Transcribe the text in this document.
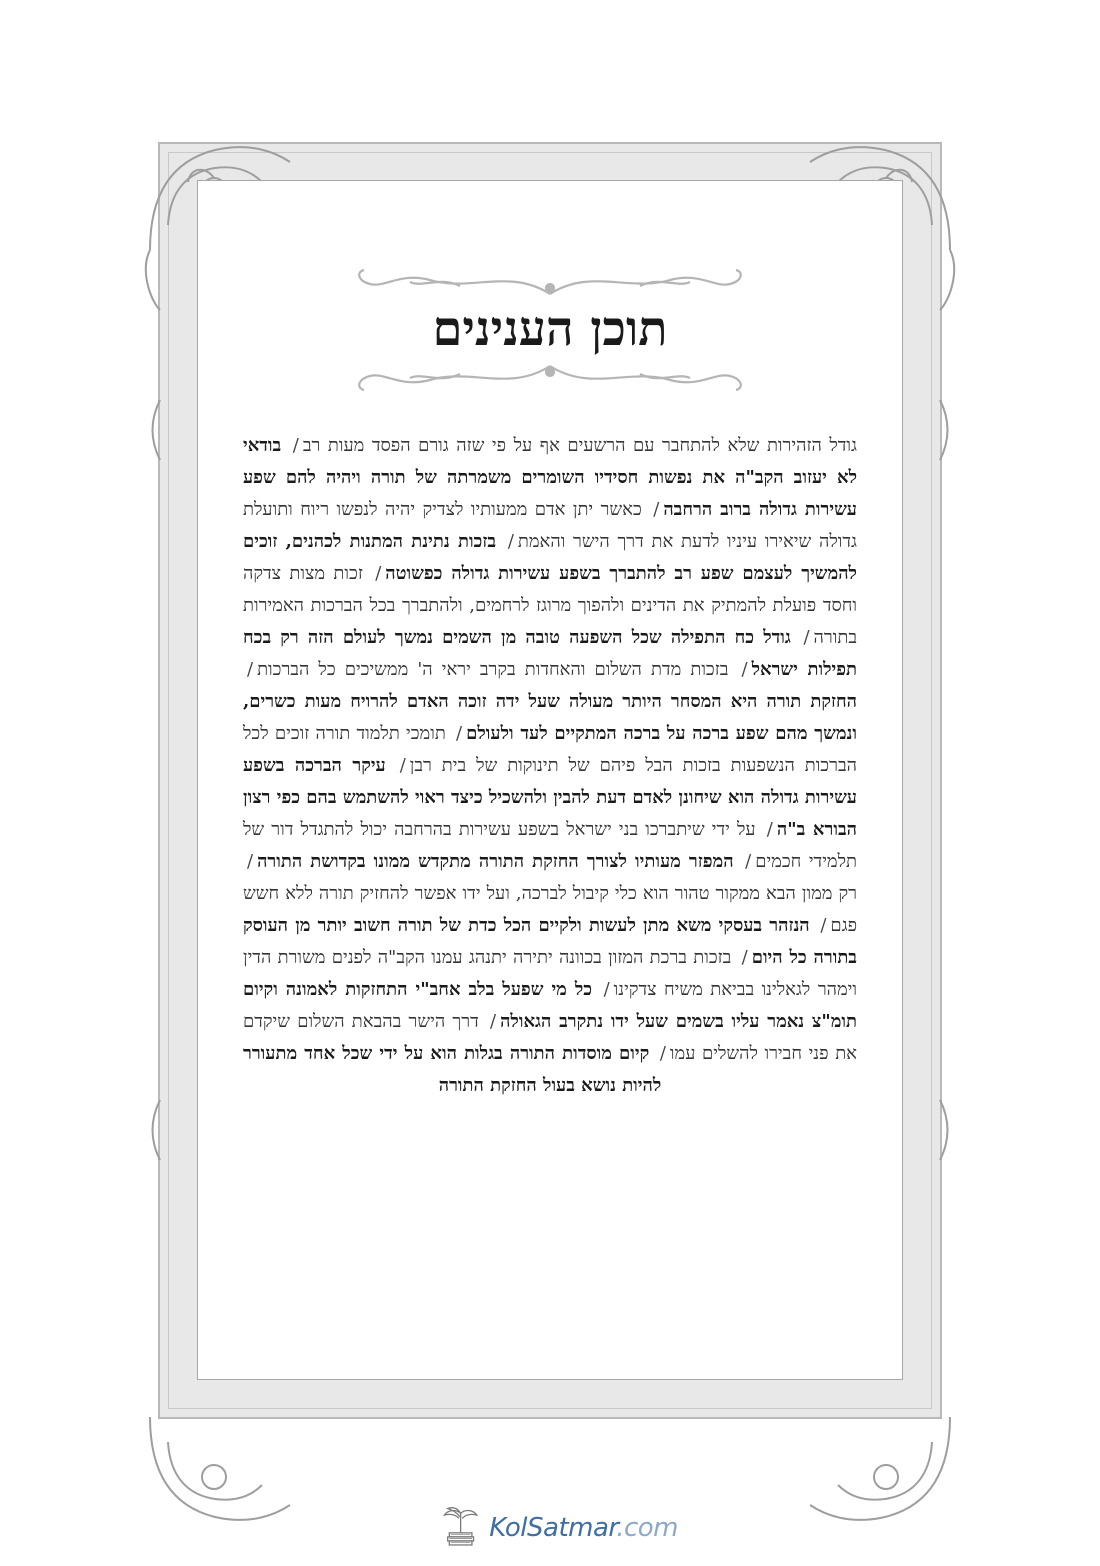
תוכן הענינים

גודל הזהירות שלא להתחבר עם הרשעים אף על פי שזה גורם הפסד מעות רב/ בודאי לא יעזוב הקב"ה את נפשות חסידיו השומרים משמרתה של תורה ויהיה להם שפע עשירות גדולה ברוב הרחבה/ כאשר יתן אדם ממעותיו לצדיק יהיה לנפשו ריוח ותועלת גדולה שיאירו עיניו לדעת את דרך הישר והאמת/ בזכות נתינת המתנות לכהנים, זוכים להמשיך לעצמם שפע רב להתברך בשפע עשירות גדולה כפשוטה/ זכות מצות צדקה וחסד פועלת להמתיק את הדינים ולהפוך מרוגז לרחמים, ולהתברך בכל הברכות האמירות בתורה/ גודל כח התפילה שכל השפעה טובה מן השמים נמשך לעולם הזה רק בכח תפילות ישראל/ בזכות מדת השלום והאחדות בקרב יראי ה' ממשיכים כל הברכות/ החזקת תורה היא המסחר היותר מעולה שעל ידה זוכה האדם להרויח מעות כשרים, ונמשך מהם שפע ברכה על ברכה המתקיים לעד ולעולם/ תומכי תלמוד תורה זוכים לכל הברכות הנשפעות בזכות הבל פיהם של תינוקות של בית רבן/ עיקר הברכה בשפע עשירות גדולה הוא שיחונן לאדם דעת להבין ולהשכיל כיצד ראוי להשתמש בהם כפי רצון הבורא ב"ה/ על ידי שיתברכו בני ישראל בשפע עשירות בהרחבה יכול להתגדל דור של תלמידי חכמים/ המפזר מעותיו לצורך החזקת התורה מתקדש ממונו בקדושת התורה/ רק ממון הבא ממקור טהור הוא כלי קיבול לברכה, ועל ידו אפשר להחזיק תורה ללא חשש פגם/ הנזהר בעסקי משא מתן לעשות ולקיים הכל כדת של תורה חשוב יותר מן העוסק בתורה כל היום/ בזכות ברכת המזון בכוונה יתירה יתנהג עמנו הקב"ה לפנים משורת הדין וימהר לגאלינו בביאת משיח צדקינו/ כל מי שפעל בלב אחב"י התחזקות לאמונה וקיום תומ"צ נאמר עליו בשמים שעל ידו נתקרב הגאולה/ דרך הישר בהבאת השלום שיקדם את פני חבירו להשלים עמו/ קיום מוסדות התורה בגלות הוא על ידי שכל אחד מתעורר להיות נושא בעול החזקת התורה

KolSatmar.com
